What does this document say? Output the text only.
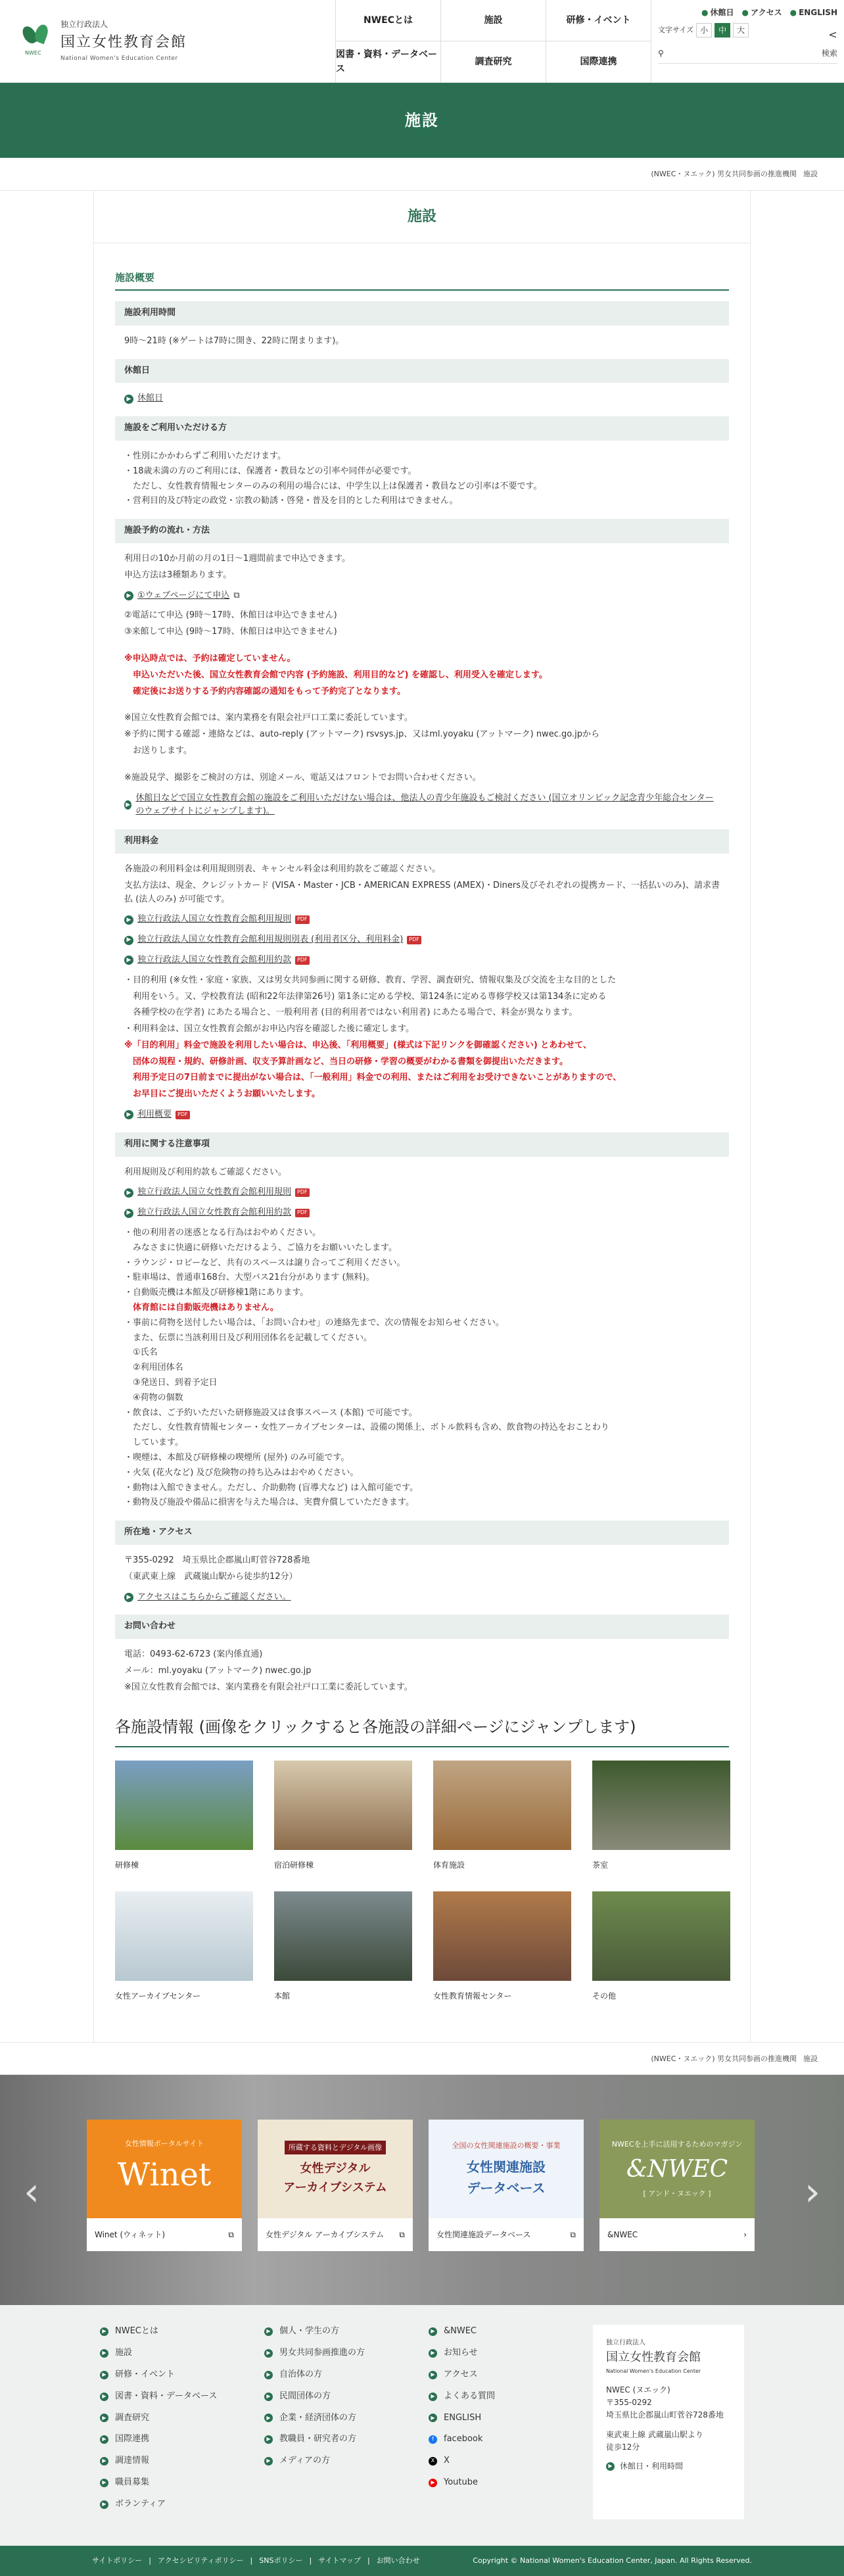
NWEC
独立行政法人
国立女性教育会館
National Women's Education Center
NWECとは	施設	研修・イベント
図書・資料・データベース
調査研究	国際連携
● 休館日 ● アクセス ● ENGLISH
文字サイズ 小	中	大
⚲	検索
<
施設
(NWEC・ヌエック) 男女共同参画の推進機関 施設
施設
施設概要
施設利用時間
9時〜21時 (※ゲートは7時に開き、22時に閉まります)。
休館日
▶ 休館日
施設をご利用いただける方
・性別にかかわらずご利用いただけます。
・18歳未満の方のご利用には、保護者・教員などの引率や同伴が必要です。
　ただし、女性教育情報センターのみの利用の場合には、中学生以上は保護者・教員などの引率は不要です。
・営利目的及び特定の政党・宗教の勧誘・啓発・普及を目的とした利用はできません。
施設予約の流れ・方法
利用日の10か月前の月の1日〜1週間前まで申込できます。
申込方法は3種類あります。
▶ ①ウェブページにて申込 ⧉
②電話にて申込 (9時〜17時、休館日は申込できません)
③来館して申込 (9時〜17時、休館日は申込できません)
※申込時点では、予約は確定していません。
　申込いただいた後、国立女性教育会館で内容 (予約施設、利用目的など) を確認し、利用受入を確定します。
　確定後にお送りする予約内容確認の通知をもって予約完了となります。
※国立女性教育会館では、案内業務を有限会社戸口工業に委託しています。
※予約に関する確認・連絡などは、auto-reply (アットマーク) rsvsys.jp、又はml.yoyaku (アットマーク) nwec.go.jpから
　お送りします。
※施設見学、撮影をご検討の方は、別途メール、電話又はフロントでお問い合わせください。
▶
休館日などで国立女性教育会館の施設をご利用いただけない場合は、他法人の青少年施設もご検討ください (国立オリンピック記念青少年総合センターのウェブサイトにジャンプします)。
利用料金
各施設の利用料金は利用規則別表、キャンセル料金は利用約款をご確認ください。
支払方法は、現金、クレジットカード (VISA・Master・JCB・AMERICAN EXPRESS (AMEX)・Diners及びそれぞれの提携カード、一括払いのみ)、請求書払 (法人のみ) が可能です。
▶ 独立行政法人国立女性教育会館利用規則	PDF
▶ 独立行政法人国立女性教育会館利用規則別表 (利用者区分、利用料金)	PDF
▶ 独立行政法人国立女性教育会館利用約款	PDF
・目的利用 (※女性・家庭・家族、又は男女共同参画に関する研修、教育、学習、調査研究、情報収集及び交流を主な目的とした
　利用をいう。又、学校教育法 (昭和22年法律第26号) 第1条に定める学校、第124条に定める専修学校又は第134条に定める
　各種学校の在学者) にあたる場合と、一般利用者 (目的利用者ではない利用者) にあたる場合で、料金が異なります。
・利用料金は、国立女性教育会館がお申込内容を確認した後に確定します。
※「目的利用」料金で施設を利用したい場合は、申込後、「利用概要」(様式は下記リンクを御確認ください) とあわせて、
　団体の規程・規約、研修計画、収支予算計画など、当日の研修・学習の概要がわかる書類を御提出いただきます。
　利用予定日の7日前までに提出がない場合は、「一般利用」料金での利用、またはご利用をお受けできないことがありますので、
　お早目にご提出いただくようお願いいたします。
▶ 利用概要	PDF
利用に関する注意事項
利用規則及び利用約款もご確認ください。
▶ 独立行政法人国立女性教育会館利用規則	PDF
▶ 独立行政法人国立女性教育会館利用約款	PDF
・他の利用者の迷惑となる行為はおやめください。
　みなさまに快適に研修いただけるよう、ご協力をお願いいたします。
・ラウンジ・ロビーなど、共有のスペースは譲り合ってご利用ください。
・駐車場は、普通車168台、大型バス21台分があります (無料)。
・自動販売機は本館及び研修棟1階にあります。
　体育館には自動販売機はありません。
・事前に荷物を送付したい場合は、「お問い合わせ」の連絡先まで、次の情報をお知らせください。
　また、伝票に当該利用日及び利用団体名を記載してください。
　①氏名
　②利用団体名
　③発送日、到着予定日
　④荷物の個数
・飲食は、ご予約いただいた研修施設又は食事スペース (本館) で可能です。
　ただし、女性教育情報センター・女性アーカイブセンターは、設備の関係上、ボトル飲料も含め、飲食物の持込をおことわり
　しています。
・喫煙は、本館及び研修棟の喫煙所 (屋外) のみ可能です。
・火気 (花火など) 及び危険物の持ち込みはおやめください。
・動物は入館できません。ただし、介助動物 (盲導犬など) は入館可能です。
・動物及び施設や備品に損害を与えた場合は、実費弁償していただきます。
所在地・アクセス
〒355-0292　埼玉県比企郡嵐山町菅谷728番地
（東武東上線　武蔵嵐山駅から徒歩約12分）
▶ アクセスはこちらからご確認ください。
お問い合わせ
電話：0493-62-6723 (案内係直通)
メール：ml.yoyaku (アットマーク) nwec.go.jp
※国立女性教育会館では、案内業務を有限会社戸口工業に委託しています。
各施設情報 (画像をクリックすると各施設の詳細ページにジャンプします)
研修棟	宿泊研修棟	体育施設	茶室
女性アーカイブセンター	本館	女性教育情報センター	その他
(NWEC・ヌエック) 男女共同参画の推進機関 施設
‹	›
女性情報ポータルサイト
Winet
Winet (ウィネット)	⧉
所蔵する資料とデジタル画像
女性デジタル
アーカイブシステム
女性デジタル アーカイブシステム ⧉
全国の女性関連施設の概要・事業
女性関連施設
データベース
女性関連施設データベース	⧉
NWECを上手に活用するためのマガジン
&NWEC
[ アンド・ヌエック ]
&NWEC	›
▶ NWECとは
▶ 施設
▶ 研修・イベント
▶ 図書・資料・データベース
▶ 調査研究
▶ 国際連携
▶ 調達情報
▶ 職員募集
▶ ボランティア
▶ 個人・学生の方
▶ 男女共同参画推進の方
▶ 自治体の方
▶ 民間団体の方
▶ 企業・経済団体の方
▶ 教職員・研究者の方
▶ メディアの方
▶ &NWEC
▶ お知らせ
▶ アクセス
▶ よくある質問
▶ ENGLISH
f	facebook
X X
▶ Youtube
独立行政法人
国立女性教育会館
National Women's Education Center
NWEC (ヌエック)
〒355-0292
埼玉県比企郡嵐山町菅谷728番地
東武東上線 武蔵嵐山駅より
徒歩12分
▶ 休館日・利用時間
サイトポリシー | アクセシビリティポリシー | SNSポリシー | サイトマップ | お問い合わせ	Copyright © National Women's Education Center, Japan. All Rights Reserved.
